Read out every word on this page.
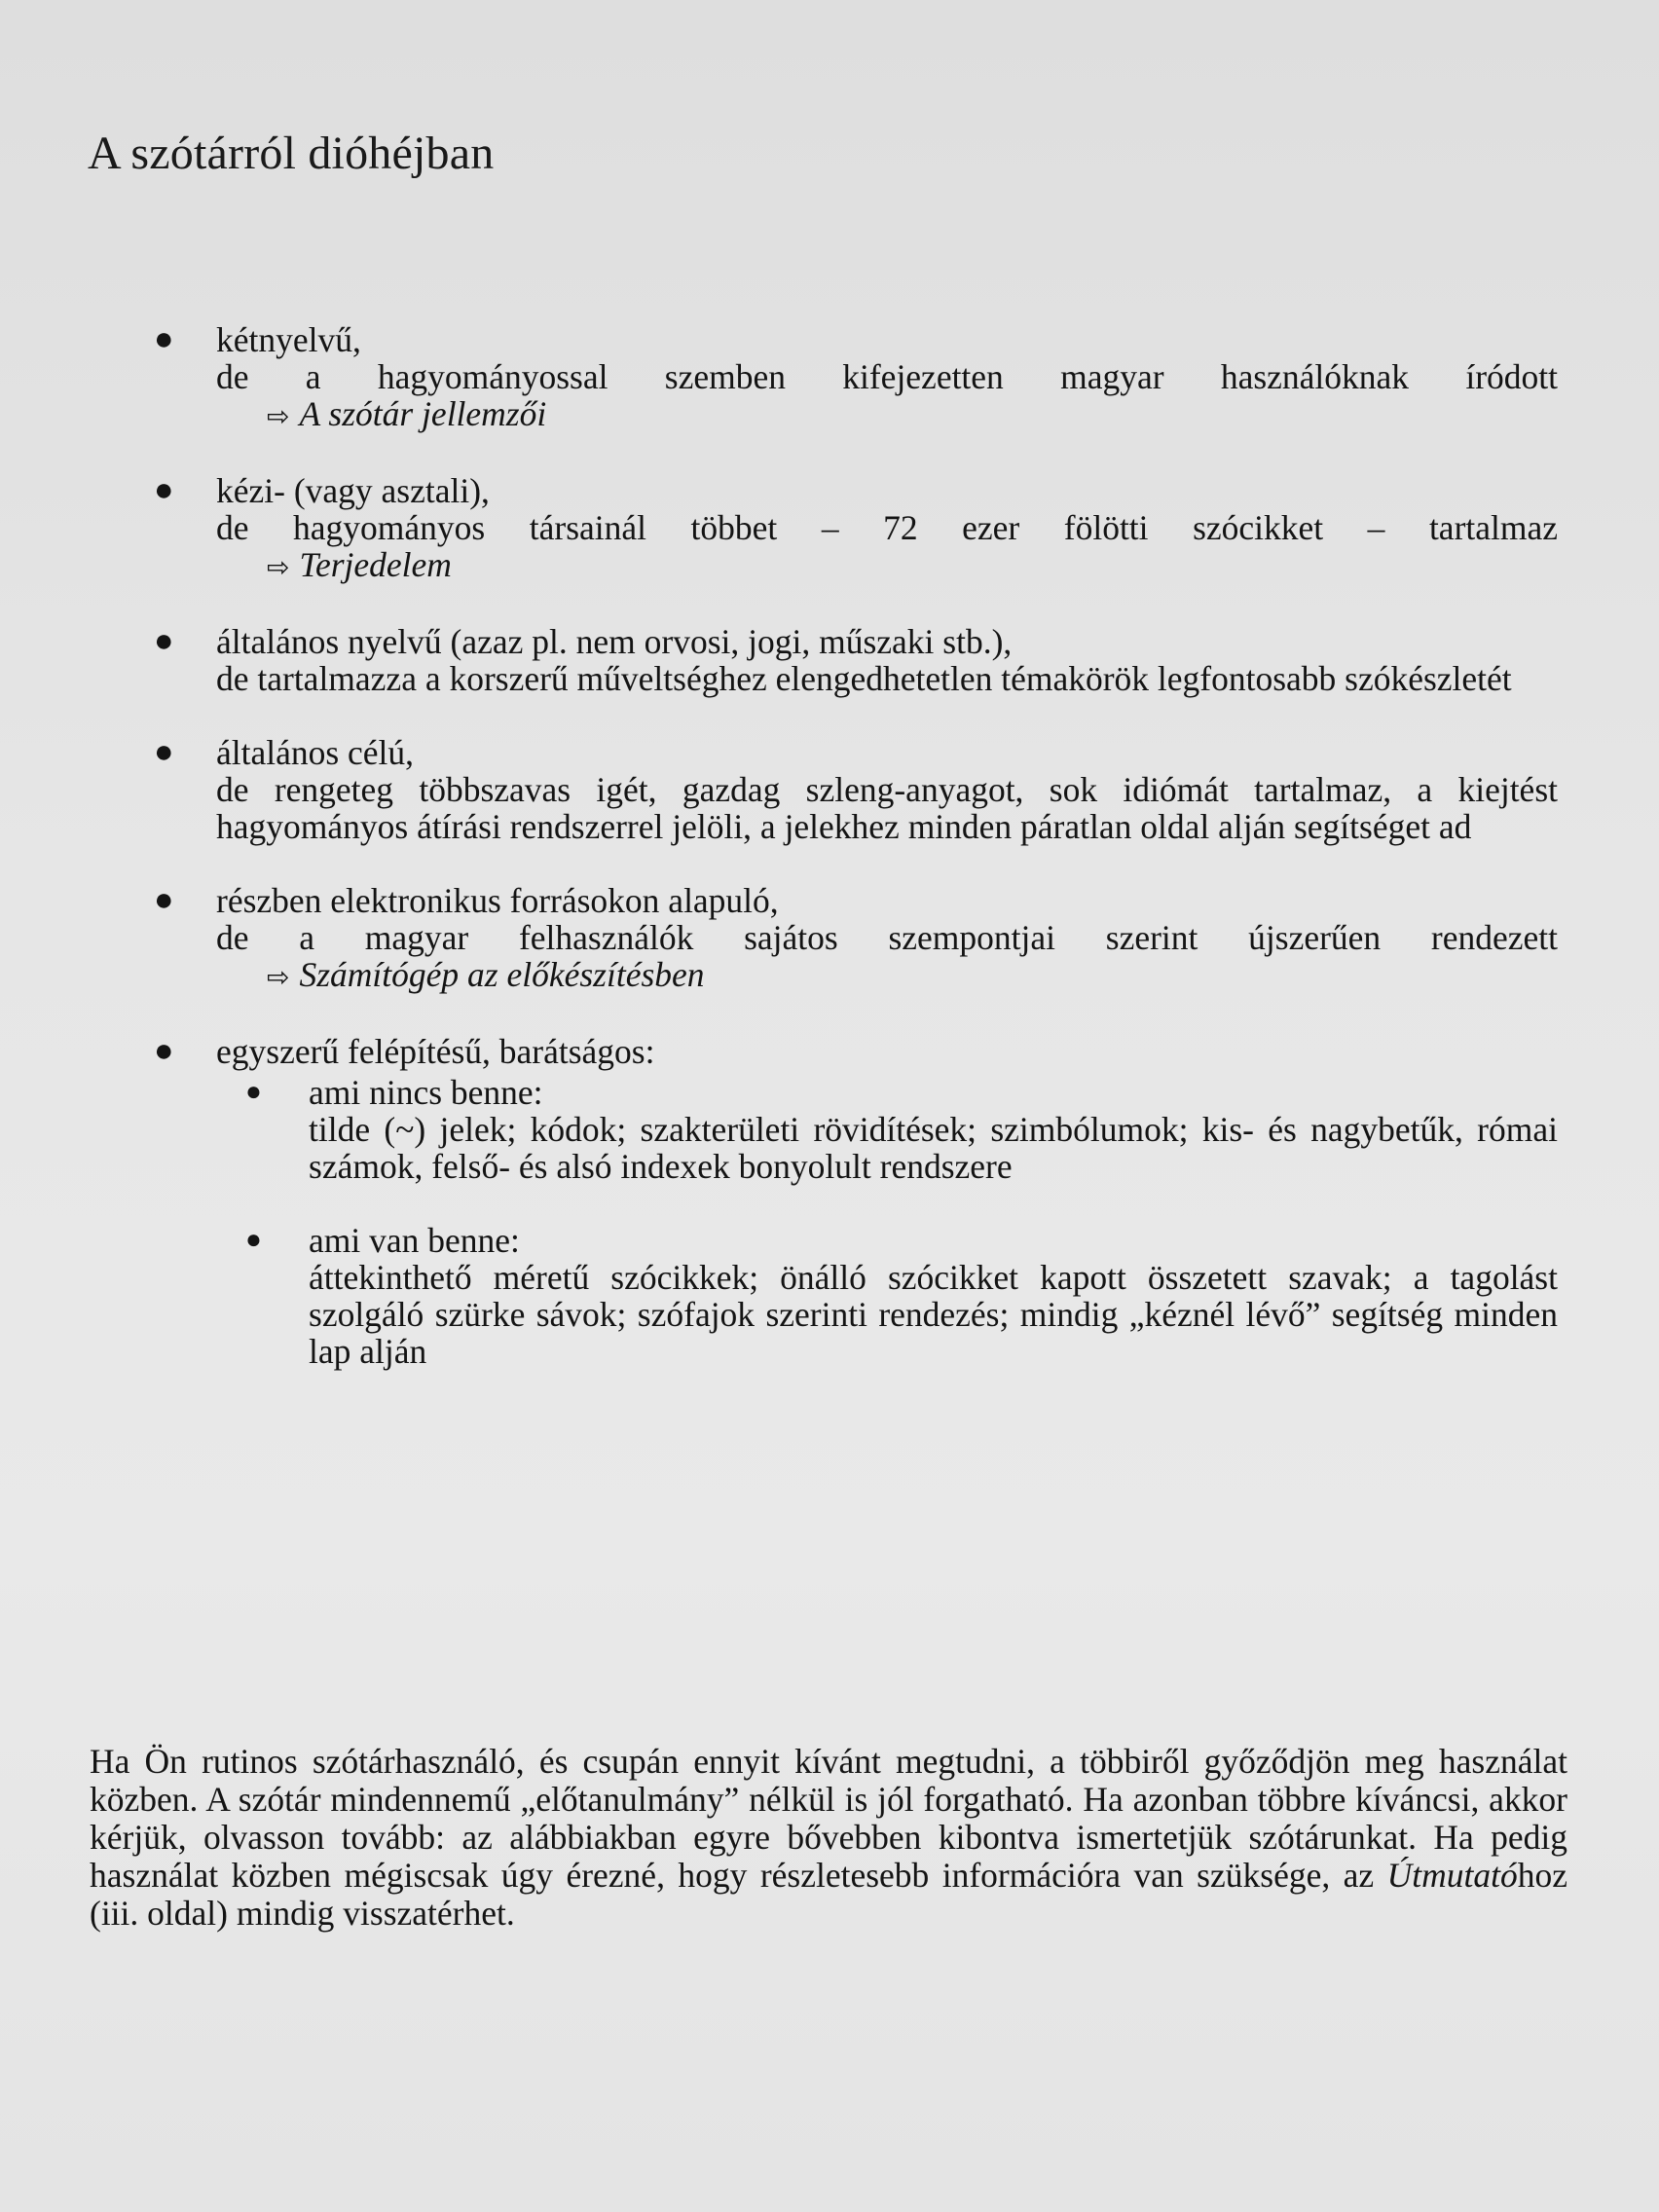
A szótárról dióhéjban
● kétnyelvű,
de a hagyományossal szemben kifejezetten magyar használóknak íródott
⇨ A szótár jellemzői
● kézi- (vagy asztali),
de hagyományos társainál többet – 72 ezer fölötti szócikket – tartalmaz
⇨ Terjedelem
● általános nyelvű (azaz pl. nem orvosi, jogi, műszaki stb.),
de tartalmazza a korszerű műveltséghez elengedhetetlen témakörök legfontosabb szókészletét
● általános célú,
de rengeteg többszavas igét, gazdag szleng-anyagot, sok idiómát tartalmaz, a kiejtést hagyományos átírási rendszerrel jelöli, a jelekhez minden páratlan oldal alján segítséget ad
● részben elektronikus forrásokon alapuló,
de a magyar felhasználók sajátos szempontjai szerint újszerűen rendezett
⇨ Számítógép az előkészítésben
● egyszerű felépítésű, barátságos:
● ami nincs benne:
tilde (~) jelek; kódok; szakterületi rövidítések; szimbólumok; kis- és nagybetűk, római számok, felső- és alsó indexek bonyolult rendszere
● ami van benne:
áttekinthető méretű szócikkek; önálló szócikket kapott összetett szavak; a tagolást szolgáló szürke sávok; szófajok szerinti rendezés; mindig „kéznél lévő” segítség minden lap alján

Ha Ön rutinos szótárhasználó, és csupán ennyit kívánt megtudni, a többiről győződjön meg használat közben. A szótár mindennemű „előtanulmány” nélkül is jól forgatható. Ha azonban többre kíváncsi, akkor kérjük, olvasson tovább: az alábbiakban egyre bővebben kibontva ismertetjük szótárunkat. Ha pedig használat közben mégiscsak úgy érezné, hogy részletesebb információra van szüksége, az Útmutatóhoz (iii. oldal) mindig visszatérhet.
